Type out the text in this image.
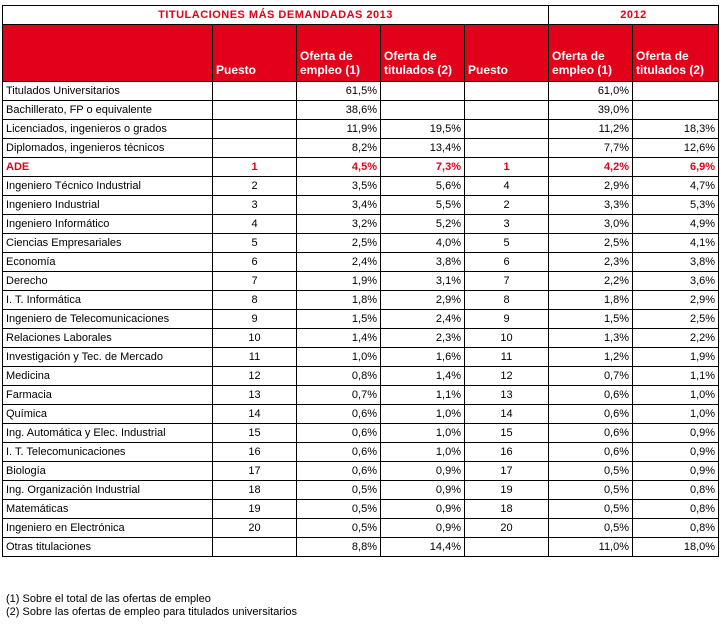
TITULACIONES MÁS DEMANDADAS 2013					2012	
	Puesto	Oferta de empleo (1)	Oferta de titulados (2)	Puesto	Oferta de empleo (1)	Oferta de titulados (2)
Titulados Universitarios		61,5%			61,0%	
Bachillerato, FP o equivalente		38,6%			39,0%	
Licenciados, ingenieros o grados		11,9%	19,5%		11,2%	18,3%
Diplomados, ingenieros técnicos		8,2%	13,4%		7,7%	12,6%
ADE	1	4,5%	7,3%	1	4,2%	6,9%
Ingeniero Técnico Industrial	2	3,5%	5,6%	4	2,9%	4,7%
Ingeniero Industrial	3	3,4%	5,5%	2	3,3%	5,3%
Ingeniero Informático	4	3,2%	5,2%	3	3,0%	4,9%
Ciencias Empresariales	5	2,5%	4,0%	5	2,5%	4,1%
Economía	6	2,4%	3,8%	6	2,3%	3,8%
Derecho	7	1,9%	3,1%	7	2,2%	3,6%
I. T. Informática	8	1,8%	2,9%	8	1,8%	2,9%
Ingeniero de Telecomunicaciones	9	1,5%	2,4%	9	1,5%	2,5%
Relaciones Laborales	10	1,4%	2,3%	10	1,3%	2,2%
Investigación y Tec. de Mercado	11	1,0%	1,6%	11	1,2%	1,9%
Medicina	12	0,8%	1,4%	12	0,7%	1,1%
Farmacia	13	0,7%	1,1%	13	0,6%	1,0%
Química	14	0,6%	1,0%	14	0,6%	1,0%
Ing. Automática y Elec. Industrial	15	0,6%	1,0%	15	0,6%	0,9%
I. T. Telecomunicaciones	16	0,6%	1,0%	16	0,6%	0,9%
Biología	17	0,6%	0,9%	17	0,5%	0,9%
Ing. Organización Industrial	18	0,5%	0,9%	19	0,5%	0,8%
Matemáticas	19	0,5%	0,9%	18	0,5%	0,8%
Ingeniero en Electrónica	20	0,5%	0,9%	20	0,5%	0,8%
Otras titulaciones		8,8%	14,4%		11,0%	18,0%
(1) Sobre el total de las ofertas de empleo
(2) Sobre las ofertas de empleo para titulados universitarios
